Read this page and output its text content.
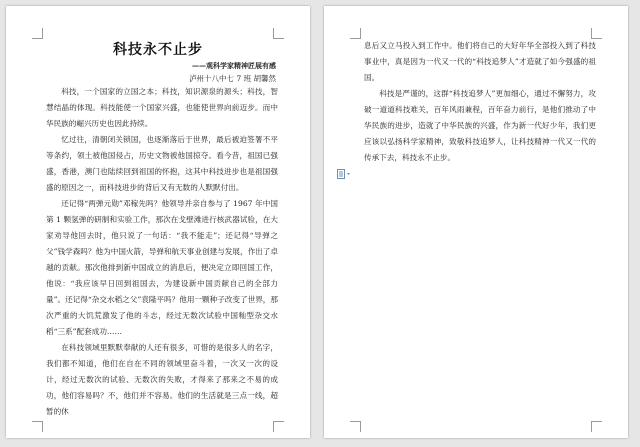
科技永不止步
——观科学家精神匠展有感
泸州十八中七 7 班 胡馨然

科技，一个国家的立国之本；科技，知识源泉的源头；科技，智慧结晶的体现。科技能使一个国家兴盛，也能使世界向前迈步。而中华民族的崛兴历史也因此持续。

忆过往，清朝闭关锁国，也逐渐落后于世界，最后被迫签署不平等条约，领土被他国侵占，历史文物被他国掠夺。看今昔，祖国已强盛，香港，澳门也陆续回到祖国的怀抱，这其中科技进步也是祖国强盛的原因之一，而科技进步的背后又有无数的人默默付出。

还记得“两弹元勋”邓稼先吗？他领导并亲自参与了 1967 年中国第 1 颗氢弹的研制和实验工作，那次在戈壁滩进行核武器试验，在大家劝导他回去时，他只说了一句话：“我不能走”；还记得“导弹之父”钱学森吗？他为中国火箭，导弹和航天事业创建与发展，作出了卓越的贡献。那次他排到新中国成立的消息后，便决定立即回国工作，他说：“我应该早日回到祖国去，为建设新中国贡献自己的全部力量”。还记得“杂交水稻之父”袁隆平吗？他用一颗种子改变了世界，那次严重的大饥荒激发了他的斗志，经过无数次试验中国籼型杂交水稻“三系”配套成功……

在科技领域里默默奉献的人还有很多，可惜的是很多人的名字，我们都不知道，他们在自在不同的领域里奋斗着，一次又一次的设计，经过无数次的试验、无数次的失败，才得来了那来之不易的成功，他们容易吗？不，他们并不容易。他们的生活就是三点一线，超暂的休

息后又立马投入到工作中。他们将自己的大好年华全部投入到了科技事业中，真是因为一代又一代的“科技追梦人”才造就了如今强盛的祖国。

科技是严谨的，这群“科技追梦人”更加细心，通过不懈努力，攻破一道道科技难关，百年风雨兼程，百年奋力前行，是他们推动了中华民族的进步，造就了中华民族的兴盛，作为新一代好少年，我们更应该以弘扬科学家精神，致敬科技追梦人，让科技精神一代又一代的传承下去，科技永不止步。
